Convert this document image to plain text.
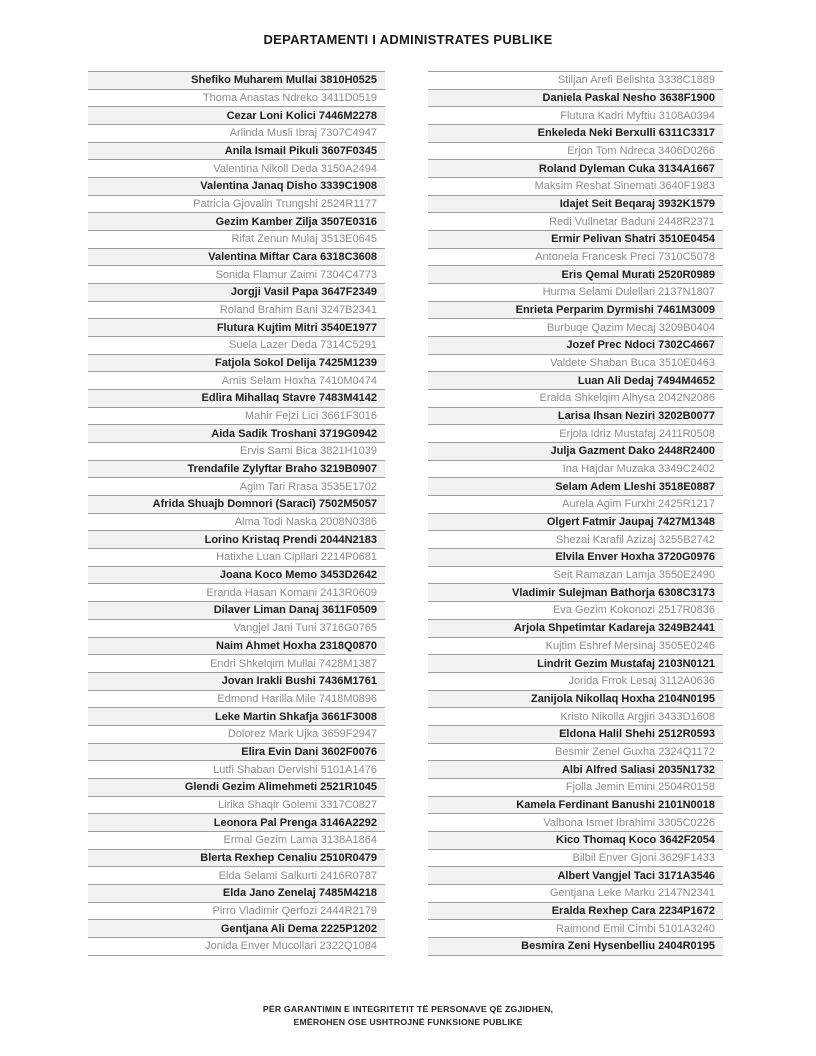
DEPARTAMENTI I ADMINISTRATES PUBLIKE
Shefiko Muharem Mullai 3810H0525
Thoma Anastas Ndreko 3411D0519
Cezar Loni Kolici 7446M2278
Arlinda Musli Ibraj 7307C4947
Anila Ismail Pikuli 3607F0345
Valentina Nikoll Deda 3150A2494
Valentina Janaq Disho 3339C1908
Patricia Gjovalin Trungshi 2524R1177
Gezim Kamber Zilja 3507E0316
Rifat Zenun Mulaj 3513E0645
Valentina Miftar Cara 6318C3608
Sonida Flamur Zaimi 7304C4773
Jorgji Vasil Papa 3647F2349
Roland Brahim Bani 3247B2341
Flutura Kujtim Mitri 3540E1977
Suela Lazer Deda 7314C5291
Fatjola Sokol Delija 7425M1239
Arnis Selam Hoxha 7410M0474
Edlira Mihallaq Stavre 7483M4142
Mahir Fejzi Lici 3661F3016
Aida Sadik Troshani 3719G0942
Ervis Sami Bica 3821H1039
Trendafile Zylyftar Braho 3219B0907
Agim Tari Rrasa 3535E1702
Afrida Shuajb Domnori (Saraci) 7502M5057
Alma Todi Naska 2008N0386
Lorino Kristaq Prendi 2044N2183
Hatixhe Luan Cipllari 2214P0681
Joana Koco Memo 3453D2642
Eranda Hasan Komani 2413R0609
Dilaver Liman Danaj 3611F0509
Vangjel Jani Tuni 3716G0765
Naim Ahmet Hoxha 2318Q0870
Endri Shkelqim Mullai 7428M1387
Jovan Irakli Bushi 7436M1761
Edmond Harilla Mile 7418M0896
Leke Martin Shkafja 3661F3008
Dolorez Mark Ujka 3659F2947
Elira Evin Dani 3602F0076
Lutfi Shaban Dervishi 5101A1476
Glendi Gezim Alimehmeti 2521R1045
Lirika Shaqir Golemi 3317C0827
Leonora Pal Prenga 3146A2292
Ermal Gezim Lama 3138A1864
Blerta Rexhep Cenaliu 2510R0479
Elda Selami Salkurti 2416R0787
Elda Jano Zenelaj 7485M4218
Pirro Vladimir Qerfozi 2444R2179
Gentjana Ali Dema 2225P1202
Jonida Enver Mucollari 2322Q1084
Stiljan Arefi Belishta 3338C1889
Daniela Paskal Nesho 3638F1900
Flutura Kadri Myftiu 3108A0394
Enkeleda Neki Berxulli 6311C3317
Erjon Tom Ndreca 3406D0266
Roland Dyleman Cuka 3134A1667
Maksim Reshat Sinemati 3640F1983
Idajet Seit Beqaraj 3932K1579
Redi Vullnetar Baduni 2448R2371
Ermir Pelivan Shatri 3510E0454
Antonela Francesk Preci 7310C5078
Eris Qemal Murati 2520R0989
Hurma Selami Dulellari 2137N1807
Enrieta Perparim Dyrmishi 7461M3009
Burbuqe Qazim Mecaj 3209B0404
Jozef Prec Ndoci 7302C4667
Valdete Shaban Buca 3510E0463
Luan Ali Dedaj 7494M4652
Eralda Shkelqim Alhysa 2042N2086
Larisa Ihsan Neziri 3202B0077
Erjola Idriz Mustafaj 2411R0508
Julja Gazment Dako 2448R2400
Ina Hajdar Muzaka 3349C2402
Selam Adem Lleshi 3518E0887
Aurela Agim Furxhi 2425R1217
Olgert Fatmir Jaupaj 7427M1348
Shezai Karafil Azizaj 3255B2742
Elvila Enver Hoxha 3720G0976
Seit Ramazan Lamja 3550E2490
Vladimir Sulejman Bathorja 6308C3173
Eva Gezim Kokonozi 2517R0836
Arjola Shpetimtar Kadareja 3249B2441
Kujtim Eshref Mersinaj 3505E0246
Lindrit Gezim Mustafaj 2103N0121
Jorida Frrok Lesaj 3112A0636
Zanijola Nikollaq Hoxha 2104N0195
Kristo Nikolla Argjiri 3433D1608
Eldona Halil Shehi 2512R0593
Besmir Zenel Guxha 2324Q1172
Albi Alfred Saliasi 2035N1732
Fjolla Jemin Emini 2504R0158
Kamela Ferdinant Banushi 2101N0018
Valbona Ismet Ibrahimi 3305C0226
Kico Thomaq Koco 3642F2054
Bilbil Enver Gjoni 3629F1433
Albert Vangjel Taci 3171A3546
Gentjana Leke Marku 2147N2341
Eralda Rexhep Cara 2234P1672
Raimond Emil Cimbi 5101A3240
Besmira Zeni Hysenbelliu 2404R0195
PËR GARANTIMIN E INTEGRITETIT TË PERSONAVE QË ZGJIDHEN,
EMËROHEN OSE USHTROJNË FUNKSIONE PUBLIKE
